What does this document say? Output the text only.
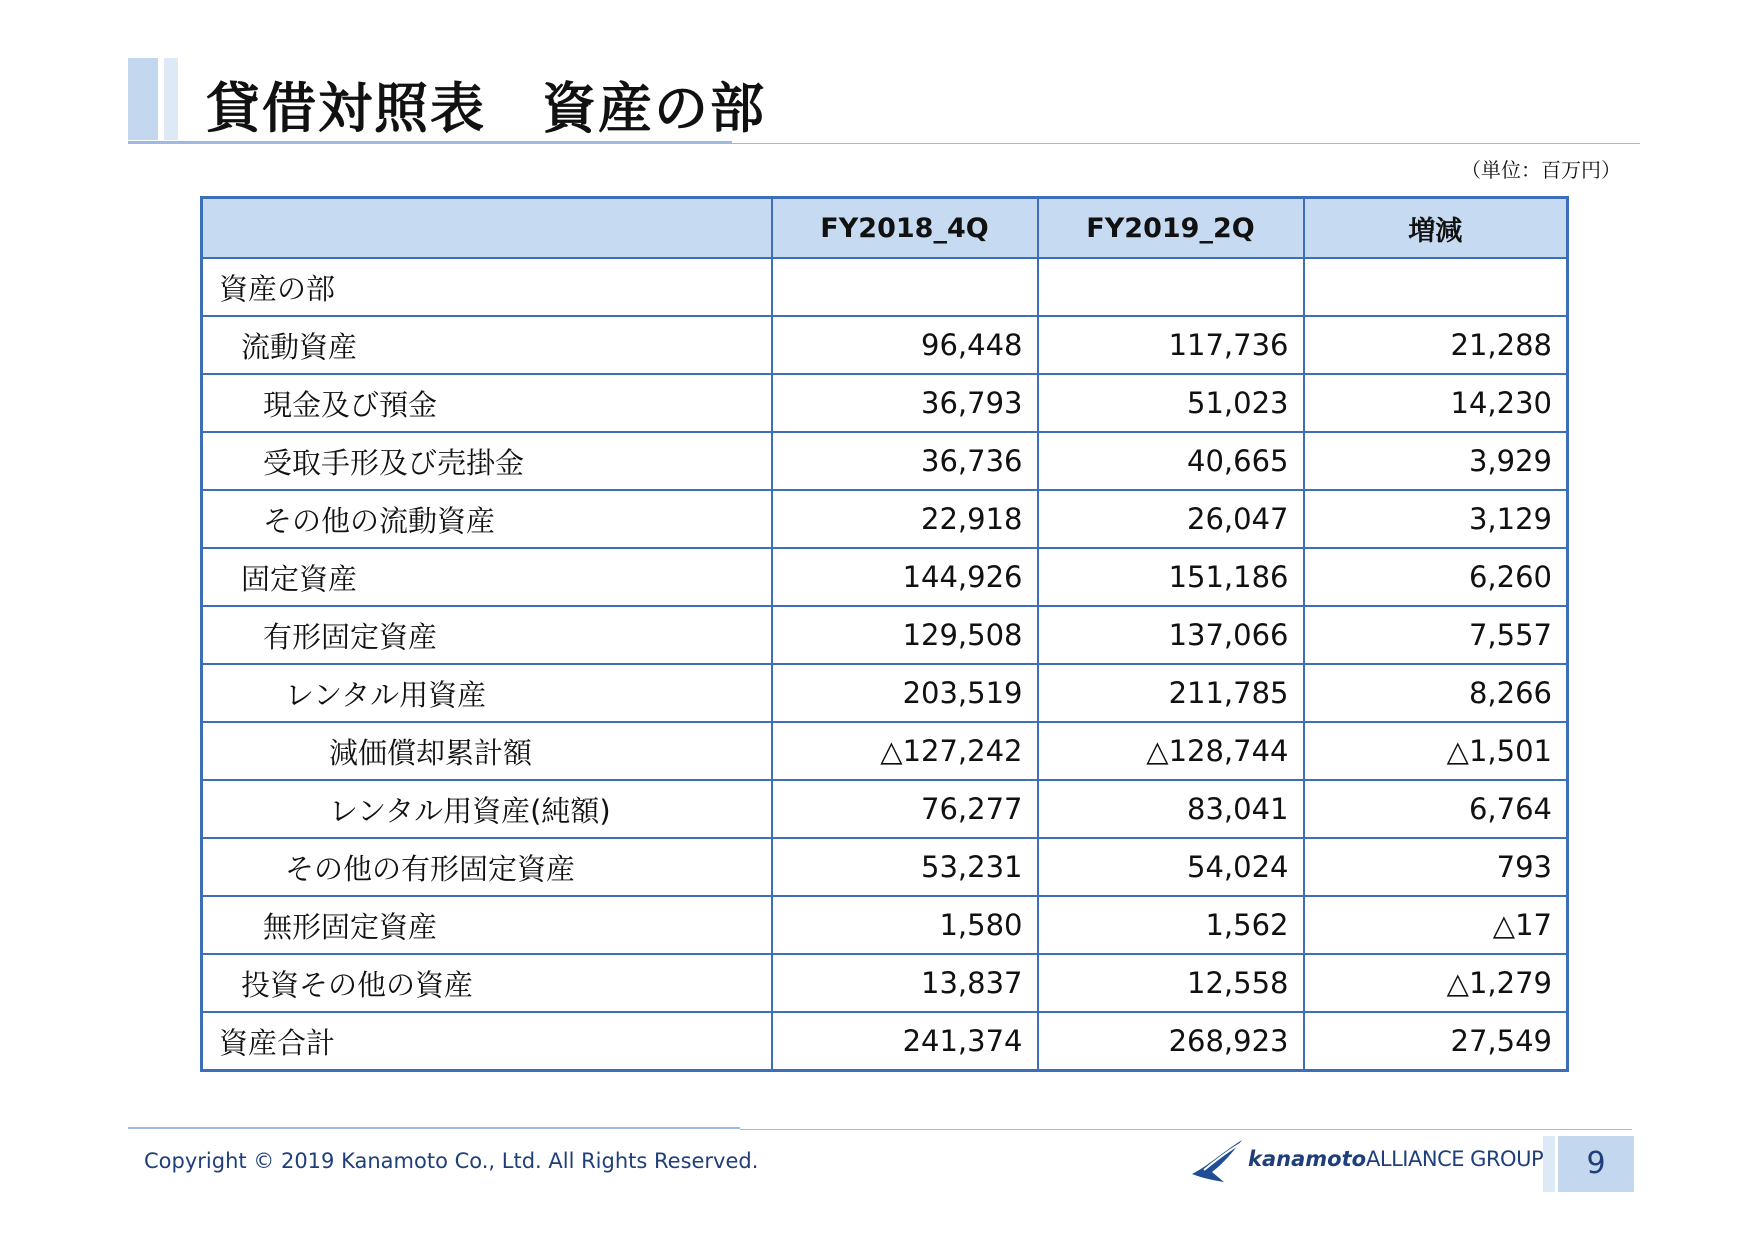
貸借対照表　資産の部
（単位：百万円）
	FY2018_4Q	FY2019_2Q	増減
資産の部			
流動資産	96,448	117,736	21,288
現金及び預金	36,793	51,023	14,230
受取手形及び売掛金	36,736	40,665	3,929
その他の流動資産	22,918	26,047	3,129
固定資産	144,926	151,186	6,260
有形固定資産	129,508	137,066	7,557
レンタル用資産	203,519	211,785	8,266
減価償却累計額	△127,242	△128,744	△1,501
レンタル用資産(純額)	76,277	83,041	6,764
その他の有形固定資産	53,231	54,024	793
無形固定資産	1,580	1,562	△17
投資その他の資産	13,837	12,558	△1,279
資産合計	241,374	268,923	27,549
Copyright © 2019 Kanamoto Co., Ltd. All Rights Reserved.	kanamotoALLIANCE GROUP	9
